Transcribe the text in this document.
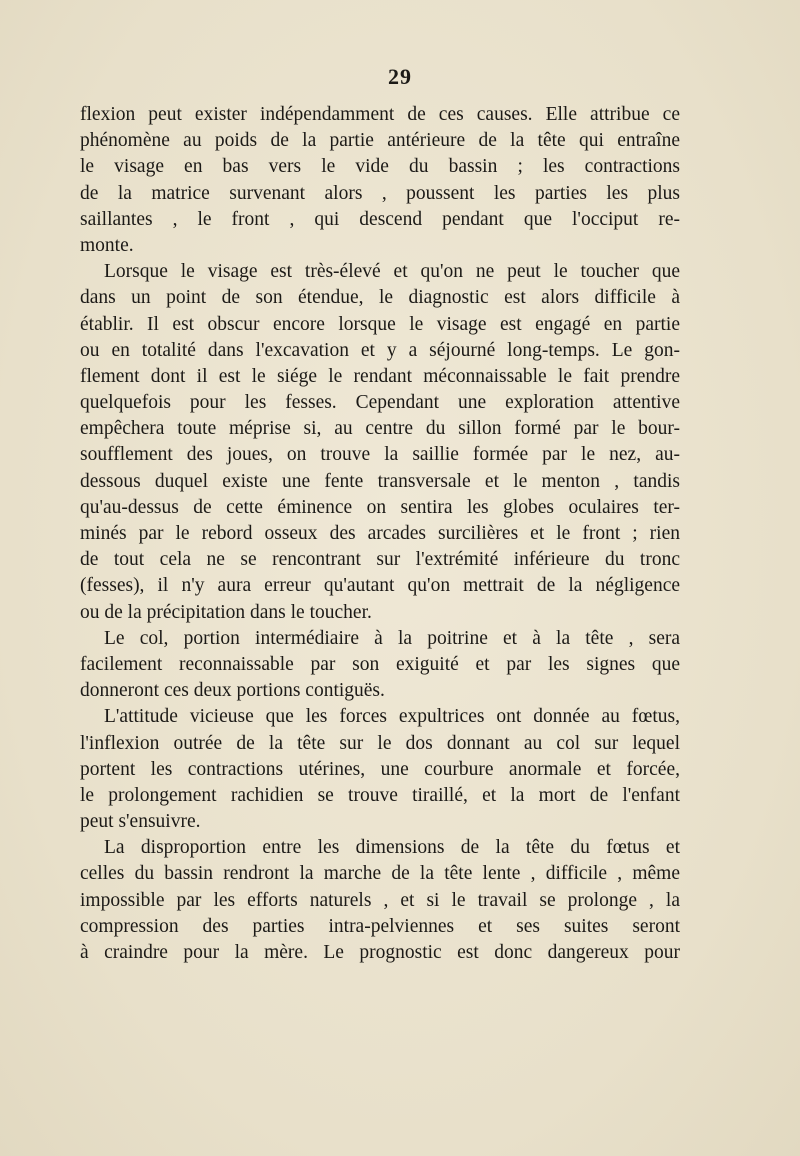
29
flexion peut exister indépendamment de ces causes. Elle attribue ce
phénomène au poids de la partie antérieure de la tête qui entraîne
le visage en bas vers le vide du bassin ; les contractions
de la matrice survenant alors , poussent les parties les plus
saillantes , le front , qui descend pendant que l'occiput re-
monte.
Lorsque le visage est très-élevé et qu'on ne peut le toucher que
dans un point de son étendue, le diagnostic est alors difficile à
établir. Il est obscur encore lorsque le visage est engagé en partie
ou en totalité dans l'excavation et y a séjourné long-temps. Le gon-
flement dont il est le siége le rendant méconnaissable le fait prendre
quelquefois pour les fesses. Cependant une exploration attentive
empêchera toute méprise si, au centre du sillon formé par le bour-
soufflement des joues, on trouve la saillie formée par le nez, au-
dessous duquel existe une fente transversale et le menton , tandis
qu'au-dessus de cette éminence on sentira les globes oculaires ter-
minés par le rebord osseux des arcades surcilières et le front ; rien
de tout cela ne se rencontrant sur l'extrémité inférieure du tronc
(fesses), il n'y aura erreur qu'autant qu'on mettrait de la négligence
ou de la précipitation dans le toucher.
Le col, portion intermédiaire à la poitrine et à la tête , sera
facilement reconnaissable par son exiguité et par les signes que
donneront ces deux portions contiguës.
L'attitude vicieuse que les forces expultrices ont donnée au fœtus,
l'inflexion outrée de la tête sur le dos donnant au col sur lequel
portent les contractions utérines, une courbure anormale et forcée,
le prolongement rachidien se trouve tiraillé, et la mort de l'enfant
peut s'ensuivre.
La disproportion entre les dimensions de la tête du fœtus et
celles du bassin rendront la marche de la tête lente , difficile , même
impossible par les efforts naturels , et si le travail se prolonge , la
compression des parties intra-pelviennes et ses suites seront
à craindre pour la mère. Le prognostic est donc dangereux pour
